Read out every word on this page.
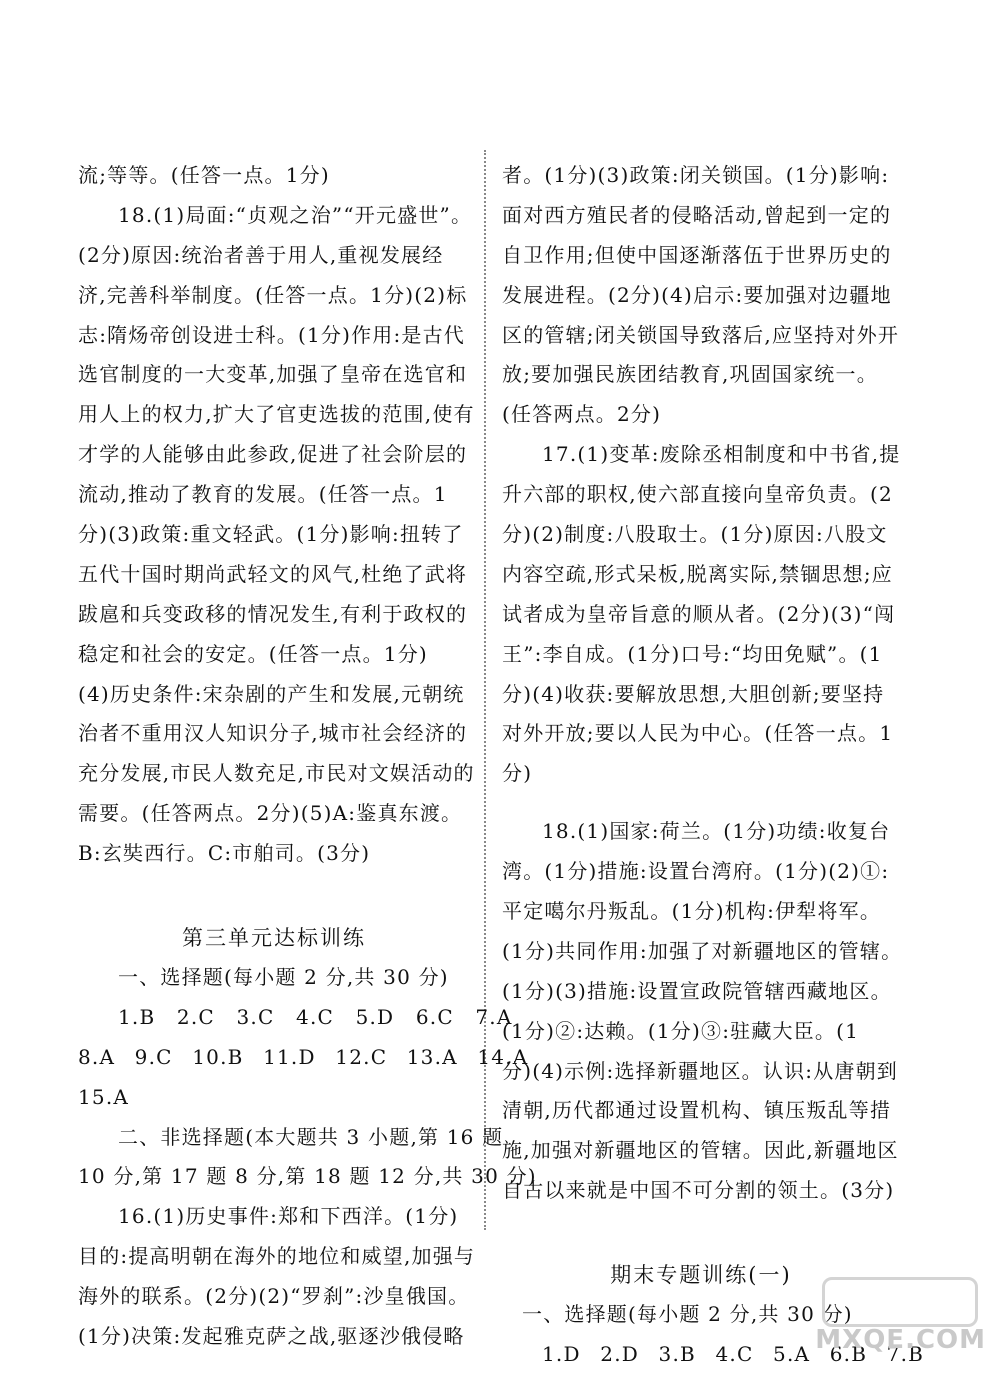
流;等等。(任答一点。1分)
18.(1)局面:“贞观之治”“开元盛世”。
(2分)原因:统治者善于用人,重视发展经
济,完善科举制度。(任答一点。1分)(2)标
志:隋炀帝创设进士科。(1分)作用:是古代
选官制度的一大变革,加强了皇帝在选官和
用人上的权力,扩大了官吏选拔的范围,使有
才学的人能够由此参政,促进了社会阶层的
流动,推动了教育的发展。(任答一点。1
分)(3)政策:重文轻武。(1分)影响:扭转了
五代十国时期尚武轻文的风气,杜绝了武将
跋扈和兵变政移的情况发生,有利于政权的
稳定和社会的安定。(任答一点。1分)
(4)历史条件:宋杂剧的产生和发展,元朝统
治者不重用汉人知识分子,城市社会经济的
充分发展,市民人数充足,市民对文娱活动的
需要。(任答两点。2分)(5)A:鉴真东渡。
B:玄奘西行。C:市舶司。(3分)
第三单元达标训练
一、选择题(每小题 2 分,共 30 分)
1.B 2.C 3.C 4.C 5.D 6.C 7.A
8.A 9.C 10.B 11.D 12.C 13.A 14.A
15.A
二、非选择题(本大题共 3 小题,第 16 题
10 分,第 17 题 8 分,第 18 题 12 分,共 30 分)
16.(1)历史事件:郑和下西洋。(1分)
目的:提高明朝在海外的地位和威望,加强与
海外的联系。(2分)(2)“罗刹”:沙皇俄国。
(1分)决策:发起雅克萨之战,驱逐沙俄侵略
者。(1分)(3)政策:闭关锁国。(1分)影响:
面对西方殖民者的侵略活动,曾起到一定的
自卫作用;但使中国逐渐落伍于世界历史的
发展进程。(2分)(4)启示:要加强对边疆地
区的管辖;闭关锁国导致落后,应坚持对外开
放;要加强民族团结教育,巩固国家统一。
(任答两点。2分)
17.(1)变革:废除丞相制度和中书省,提
升六部的职权,使六部直接向皇帝负责。(2
分)(2)制度:八股取士。(1分)原因:八股文
内容空疏,形式呆板,脱离实际,禁锢思想;应
试者成为皇帝旨意的顺从者。(2分)(3)“闯
王”:李自成。(1分)口号:“均田免赋”。(1
分)(4)收获:要解放思想,大胆创新;要坚持
对外开放;要以人民为中心。(任答一点。1
分)
18.(1)国家:荷兰。(1分)功绩:收复台
湾。(1分)措施:设置台湾府。(1分)(2)①:
平定噶尔丹叛乱。(1分)机构:伊犁将军。
(1分)共同作用:加强了对新疆地区的管辖。
(1分)(3)措施:设置宣政院管辖西藏地区。
(1分)②:达赖。(1分)③:驻藏大臣。(1
分)(4)示例:选择新疆地区。认识:从唐朝到
清朝,历代都通过设置机构、镇压叛乱等措
施,加强对新疆地区的管辖。因此,新疆地区
自古以来就是中国不可分割的领土。(3分)
期末专题训练(一)
一、选择题(每小题 2 分,共 30 分)
1.D 2.D 3.B 4.C 5.A 6.B 7.B
MXQE.COM
